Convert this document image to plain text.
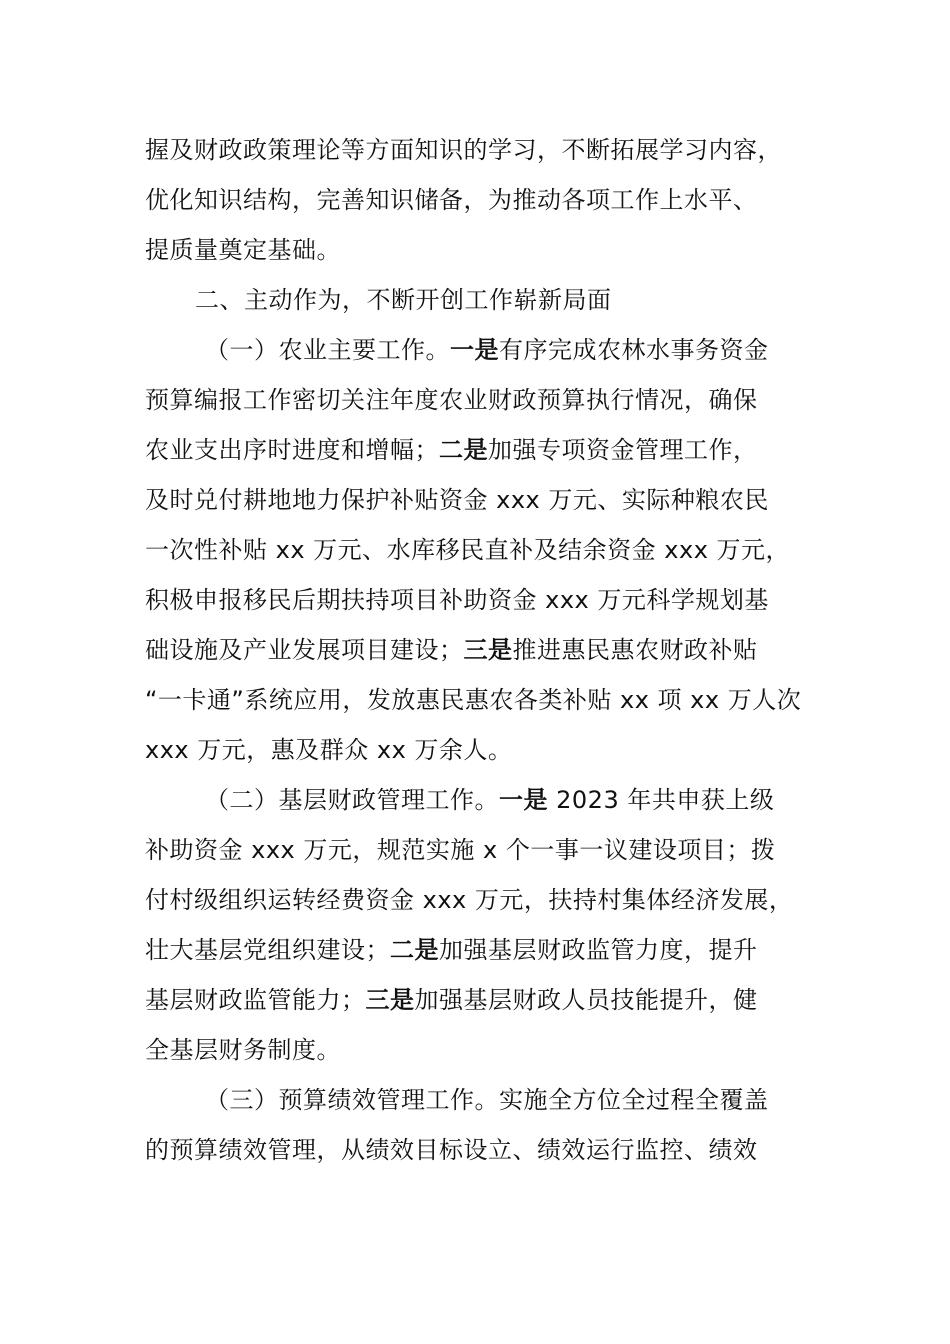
握及财政政策理论等方面知识的学习，不断拓展学习内容，
优化知识结构，完善知识储备，为推动各项工作上水平、
提质量奠定基础。
二、主动作为，不断开创工作崭新局面
（一）农业主要工作。一是有序完成农林水事务资金
预算编报工作密切关注年度农业财政预算执行情况，确保
农业支出序时进度和增幅；二是加强专项资金管理工作，
及时兑付耕地地力保护补贴资金 xxx 万元、实际种粮农民
一次性补贴 xx 万元、水库移民直补及结余资金 xxx 万元，
积极申报移民后期扶持项目补助资金 xxx 万元科学规划基
础设施及产业发展项目建设；三是推进惠民惠农财政补贴
“一卡通”系统应用，发放惠民惠农各类补贴 xx 项 xx 万人次
xxx 万元，惠及群众 xx 万余人。
（二）基层财政管理工作。一是 2023 年共申获上级
补助资金 xxx 万元，规范实施 x 个一事一议建设项目；拨
付村级组织运转经费资金 xxx 万元，扶持村集体经济发展，
壮大基层党组织建设；二是加强基层财政监管力度，提升
基层财政监管能力；三是加强基层财政人员技能提升，健
全基层财务制度。
（三）预算绩效管理工作。实施全方位全过程全覆盖
的预算绩效管理，从绩效目标设立、绩效运行监控、绩效
